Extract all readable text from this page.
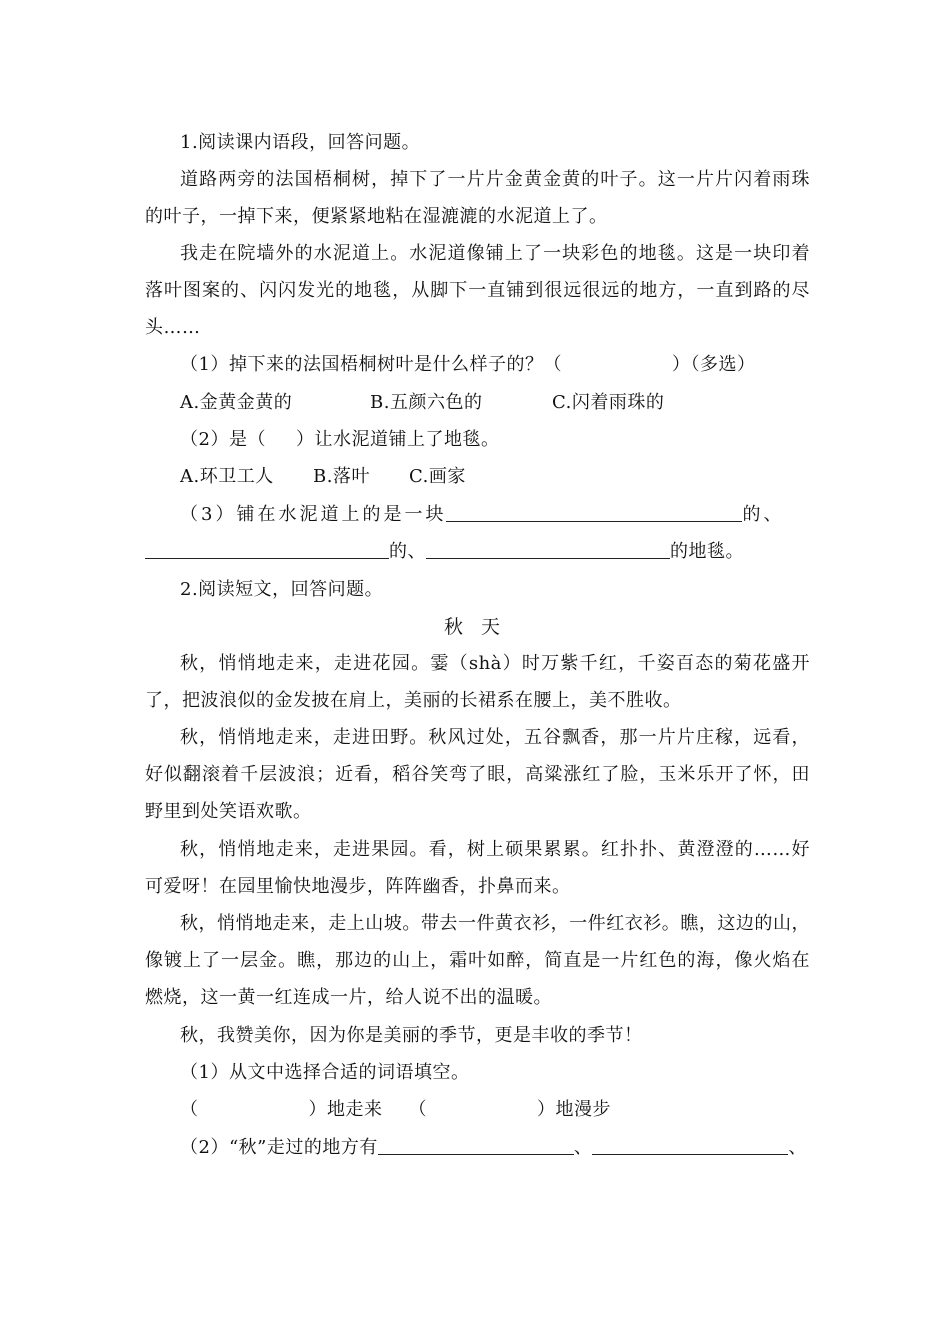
1.阅读课内语段，回答问题。
道路两旁的法国梧桐树，掉下了一片片金黄金黄的叶子。这一片片闪着雨珠
的叶子，一掉下来，便紧紧地粘在湿漉漉的水泥道上了。
我走在院墙外的水泥道上。水泥道像铺上了一块彩色的地毯。这是一块印着
落叶图案的、闪闪发光的地毯，从脚下一直铺到很远很远的地方，一直到路的尽
头……
（1）掉下来的法国梧桐树叶是什么样子的？（	）（多选）
A.金黄金黄的	B.五颜六色的	C.闪着雨珠的
（2）是（ ）让水泥道铺上了地毯。
A.环卫工人 B.落叶 C.画家
（3）铺在水泥道上的是一块	的、
的、	的地毯。
2.阅读短文，回答问题。
秋 天
秋，悄悄地走来，走进花园。霎（shà）时万紫千红，千姿百态的菊花盛开
了，把波浪似的金发披在肩上，美丽的长裙系在腰上，美不胜收。
秋，悄悄地走来，走进田野。秋风过处，五谷飘香，那一片片庄稼，远看，
好似翻滚着千层波浪；近看，稻谷笑弯了眼，高粱涨红了脸，玉米乐开了怀，田
野里到处笑语欢歌。
秋，悄悄地走来，走进果园。看，树上硕果累累。红扑扑、黄澄澄的……好
可爱呀！在园里愉快地漫步，阵阵幽香，扑鼻而来。
秋，悄悄地走来，走上山坡。带去一件黄衣衫，一件红衣衫。瞧，这边的山，
像镀上了一层金。瞧，那边的山上，霜叶如醉，简直是一片红色的海，像火焰在
燃烧，这一黄一红连成一片，给人说不出的温暖。
秋，我赞美你，因为你是美丽的季节，更是丰收的季节！
（1）从文中选择合适的词语填空。
（	）地走来 （	）地漫步
（2）“秋”走过的地方有	、	、
